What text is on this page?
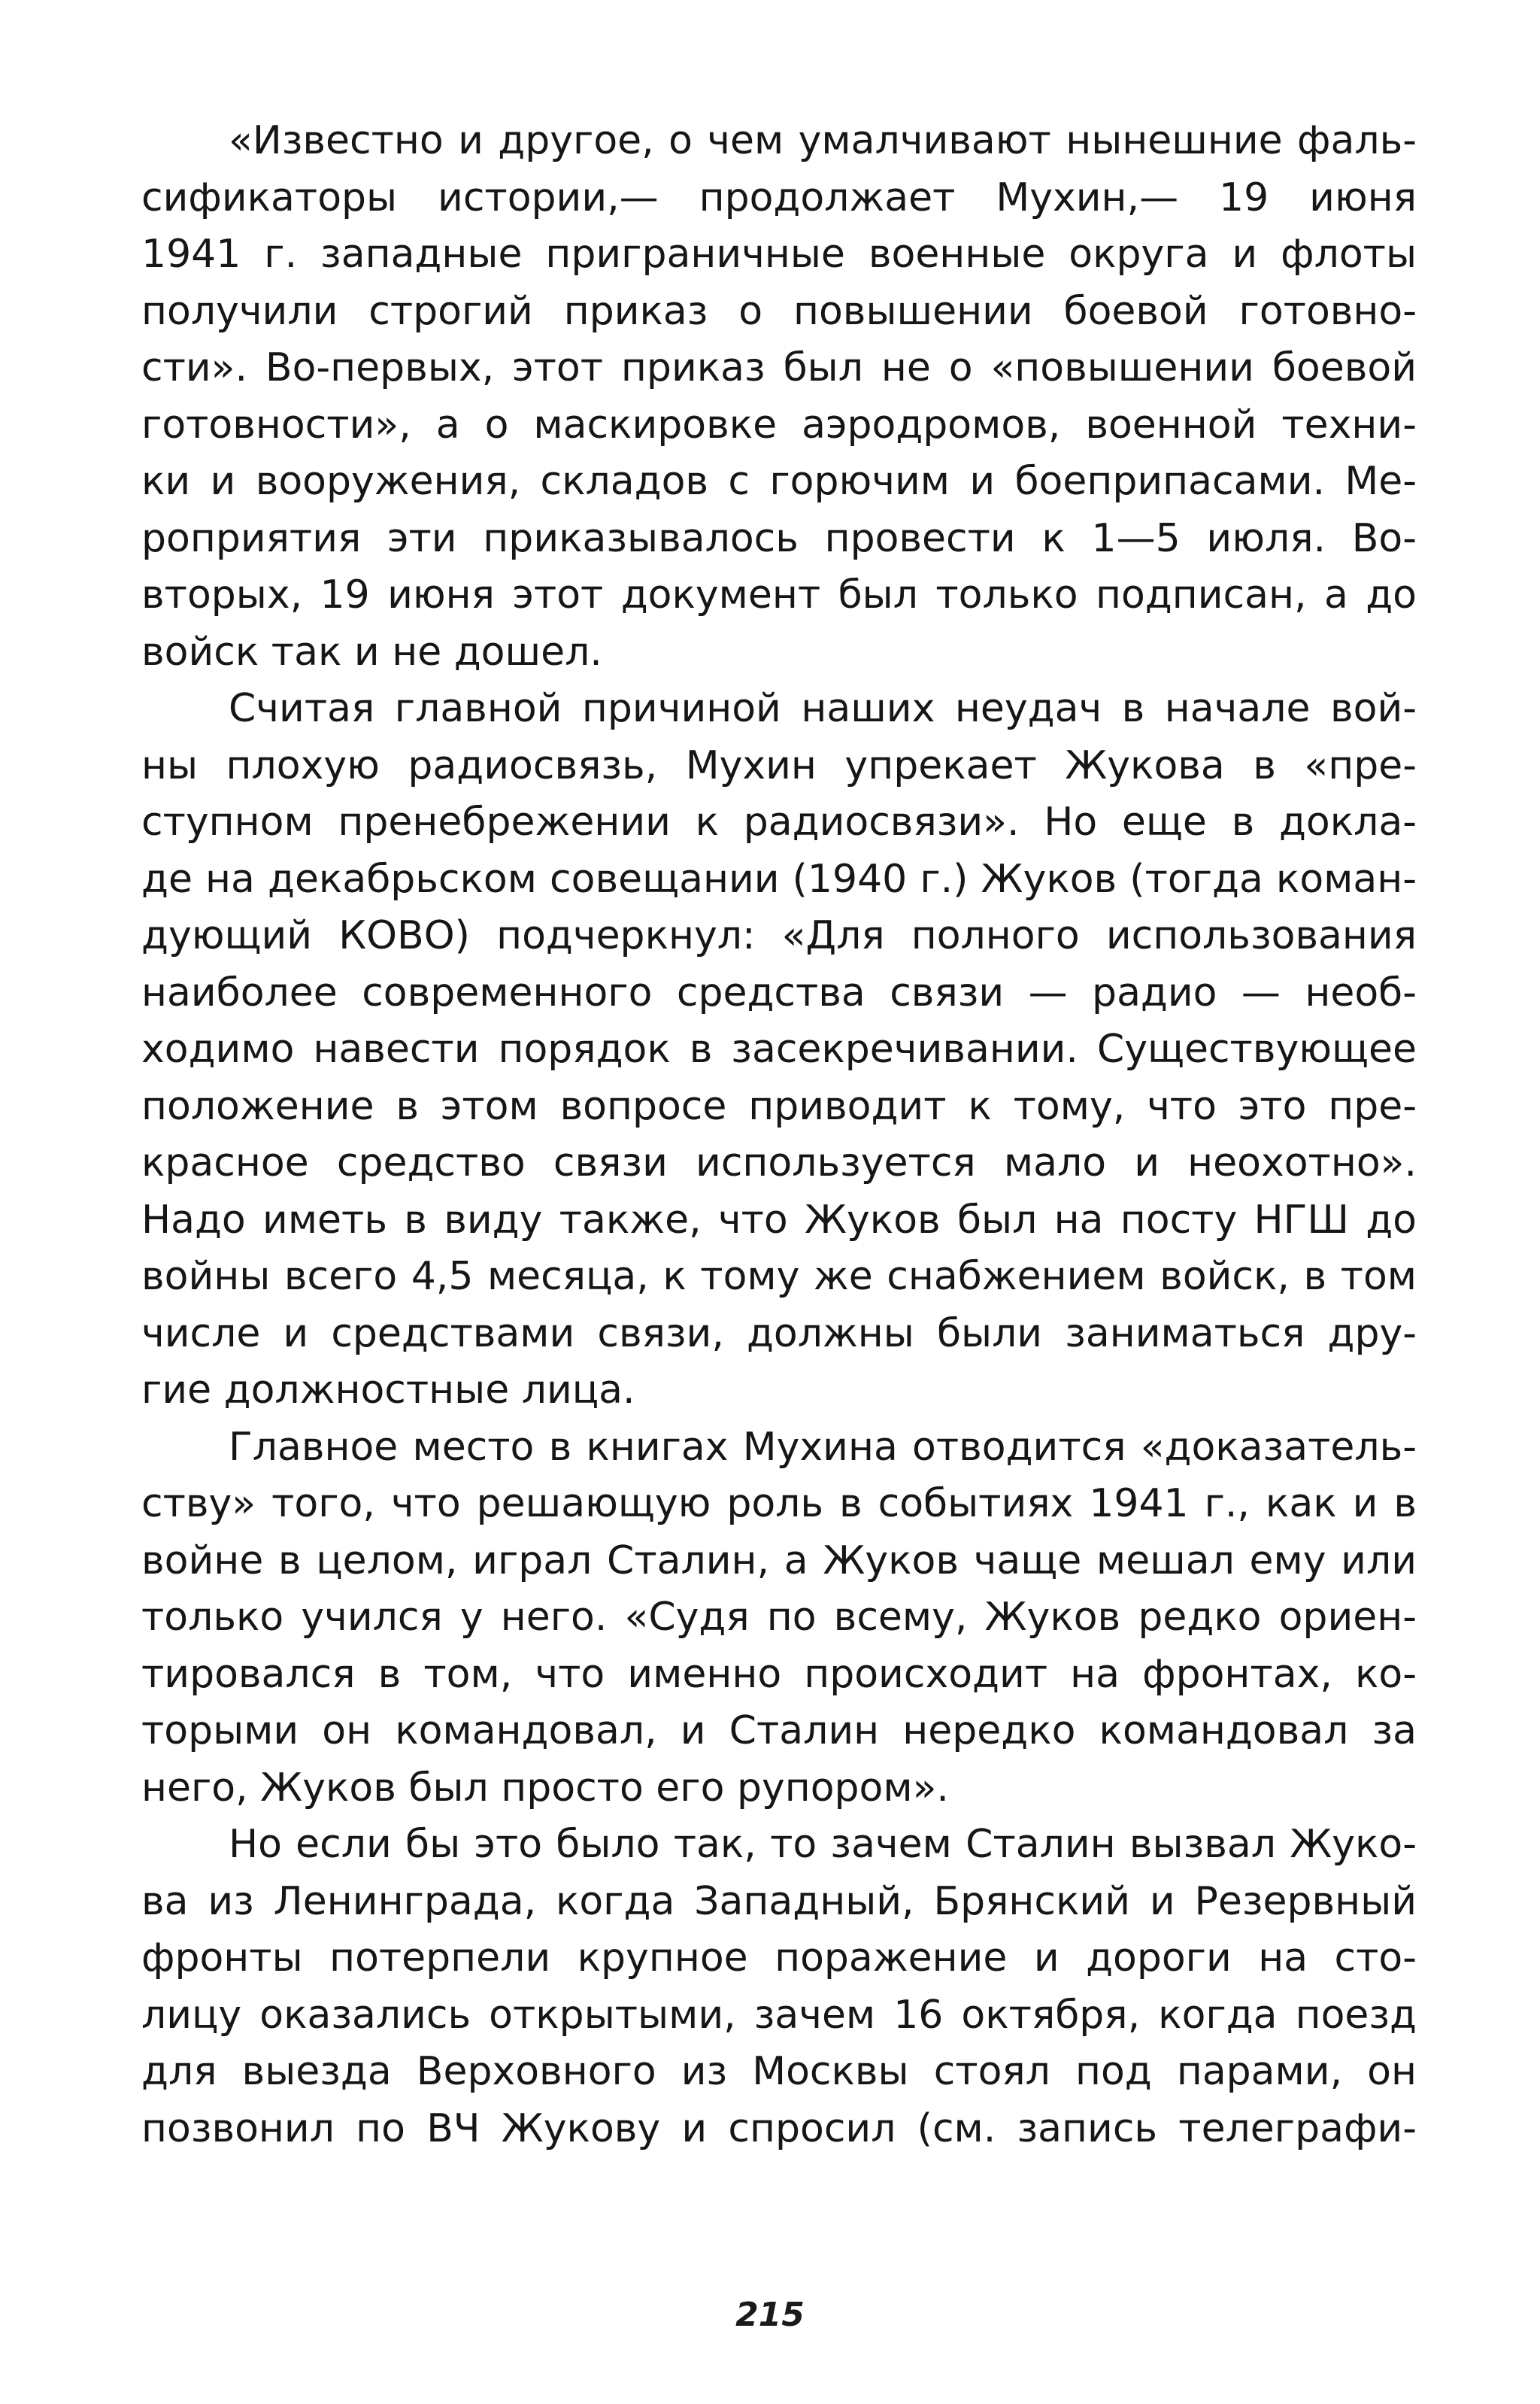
«Известно и другое, о чем умалчивают нынешние фаль-
сификаторы истории,— продолжает Мухин,— 19 июня
1941 г. западные приграничные военные округа и флоты
получили строгий приказ о повышении боевой готовно-
сти». Во-первых, этот приказ был не о «повышении боевой
готовности», а о маскировке аэродромов, военной техни-
ки и вооружения, складов с горючим и боеприпасами. Ме-
роприятия эти приказывалось провести к 1—5 июля. Во-
вторых, 19 июня этот документ был только подписан, а до
войск так и не дошел.
Считая главной причиной наших неудач в начале вой-
ны плохую радиосвязь, Мухин упрекает Жукова в «пре-
ступном пренебрежении к радиосвязи». Но еще в докла-
де на декабрьском совещании (1940 г.) Жуков (тогда коман-
дующий КОВО) подчеркнул: «Для полного использования
наиболее современного средства связи — радио — необ-
ходимо навести порядок в засекречивании. Существующее
положение в этом вопросе приводит к тому, что это пре-
красное средство связи используется мало и неохотно».
Надо иметь в виду также, что Жуков был на посту НГШ до
войны всего 4,5 месяца, к тому же снабжением войск, в том
числе и средствами связи, должны были заниматься дру-
гие должностные лица.
Главное место в книгах Мухина отводится «доказатель-
ству» того, что решающую роль в событиях 1941 г., как и в
войне в целом, играл Сталин, а Жуков чаще мешал ему или
только учился у него. «Судя по всему, Жуков редко ориен-
тировался в том, что именно происходит на фронтах, ко-
торыми он командовал, и Сталин нередко командовал за
него, Жуков был просто его рупором».
Но если бы это было так, то зачем Сталин вызвал Жуко-
ва из Ленинграда, когда Западный, Брянский и Резервный
фронты потерпели крупное поражение и дороги на сто-
лицу оказались открытыми, зачем 16 октября, когда поезд
для выезда Верховного из Москвы стоял под парами, он
позвонил по ВЧ Жукову и спросил (см. запись телеграфи-
215
